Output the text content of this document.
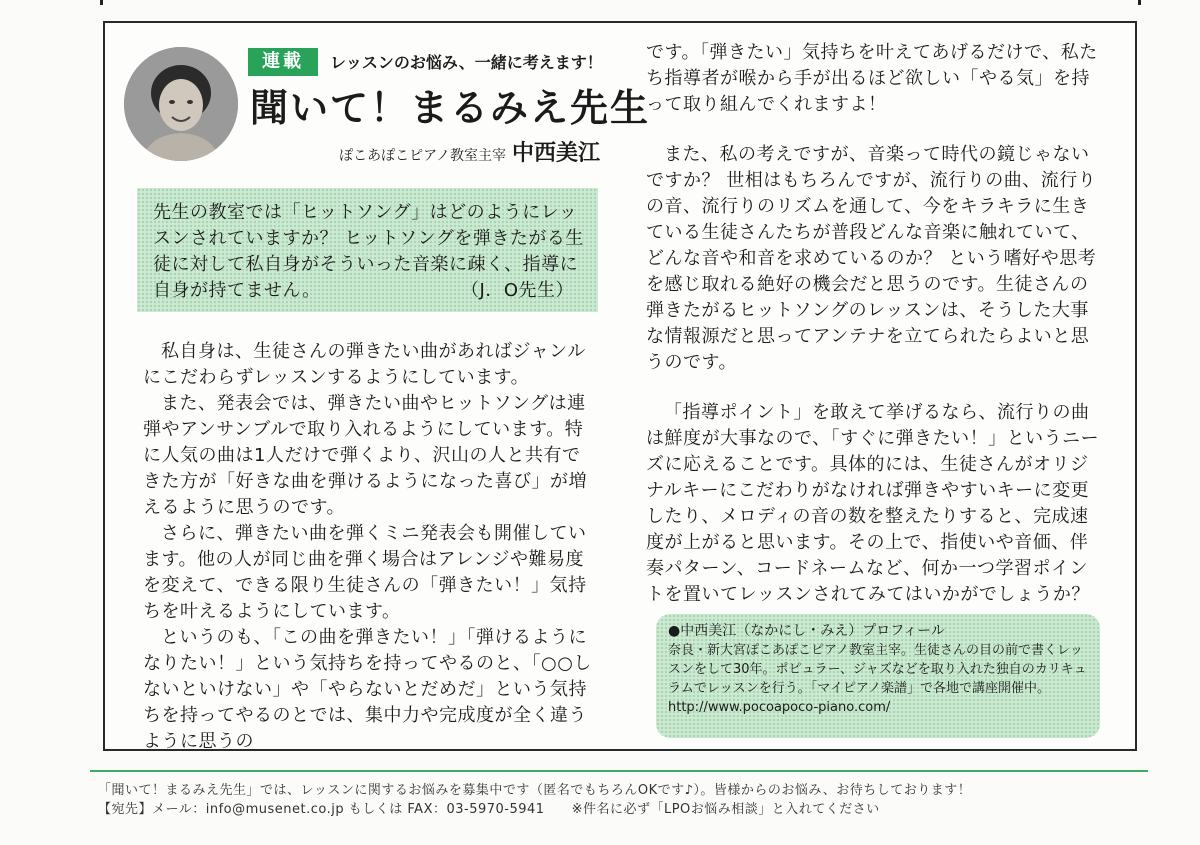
連載	レッスンのお悩み、一緒に考えます！
聞いて！まるみえ先生
ぽこあぽこピアノ教室主宰 中西美江

先生の教室では「ヒットソング」はどのようにレッスンされていますか？ ヒットソングを弾きたがる生徒に対して私自身がそういった音楽に疎く、指導に自身が持てません。	（J．O先生）

私自身は、生徒さんの弾きたい曲があればジャンルにこだわらずレッスンするようにしています。

また、発表会では、弾きたい曲やヒットソングは連弾やアンサンブルで取り入れるようにしています。特に人気の曲は1人だけで弾くより、沢山の人と共有できた方が「好きな曲を弾けるようになった喜び」が増えるように思うのです。

さらに、弾きたい曲を弾くミニ発表会も開催しています。他の人が同じ曲を弾く場合はアレンジや難易度を変えて、できる限り生徒さんの「弾きたい！」気持ちを叶えるようにしています。

というのも、「この曲を弾きたい！」「弾けるようになりたい！」という気持ちを持ってやるのと、「○○しないといけない」や「やらないとだめだ」という気持ちを持ってやるのとでは、集中力や完成度が全く違うように思うの

です。「弾きたい」気持ちを叶えてあげるだけで、私たち指導者が喉から手が出るほど欲しい「やる気」を持って取り組んでくれますよ！

また、私の考えですが、音楽って時代の鏡じゃないですか？ 世相はもちろんですが、流行りの曲、流行りの音、流行りのリズムを通して、今をキラキラに生きている生徒さんたちが普段どんな音楽に触れていて、どんな音や和音を求めているのか？ という嗜好や思考を感じ取れる絶好の機会だと思うのです。生徒さんの弾きたがるヒットソングのレッスンは、そうした大事な情報源だと思ってアンテナを立てられたらよいと思うのです。

「指導ポイント」を敢えて挙げるなら、流行りの曲は鮮度が大事なので、「すぐに弾きたい！」というニーズに応えることです。具体的には、生徒さんがオリジナルキーにこだわりがなければ弾きやすいキーに変更したり、メロディの音の数を整えたりすると、完成速度が上がると思います。その上で、指使いや音価、伴奏パターン、コードネームなど、何か一つ学習ポイントを置いてレッスンされてみてはいかがでしょうか？

●中西美江（なかにし・みえ）プロフィール

奈良・新大宮ぽこあぽこピアノ教室主宰。生徒さんの目の前で書くレッスンをして30年。ポピュラー、ジャズなどを取り入れた独自のカリキュラムでレッスンを行う。「マイピアノ楽譜」で各地で講座開催中。

http://www.pocoapoco-piano.com/

「聞いて！まるみえ先生」では、レッスンに関するお悩みを募集中です（匿名でもちろんOKです♪）。皆様からのお悩み、お待ちしております！
【宛先】メール：info@musenet.co.jp もしくは FAX：03-5970-5941　　※件名に必ず「LPOお悩み相談」と入れてください
